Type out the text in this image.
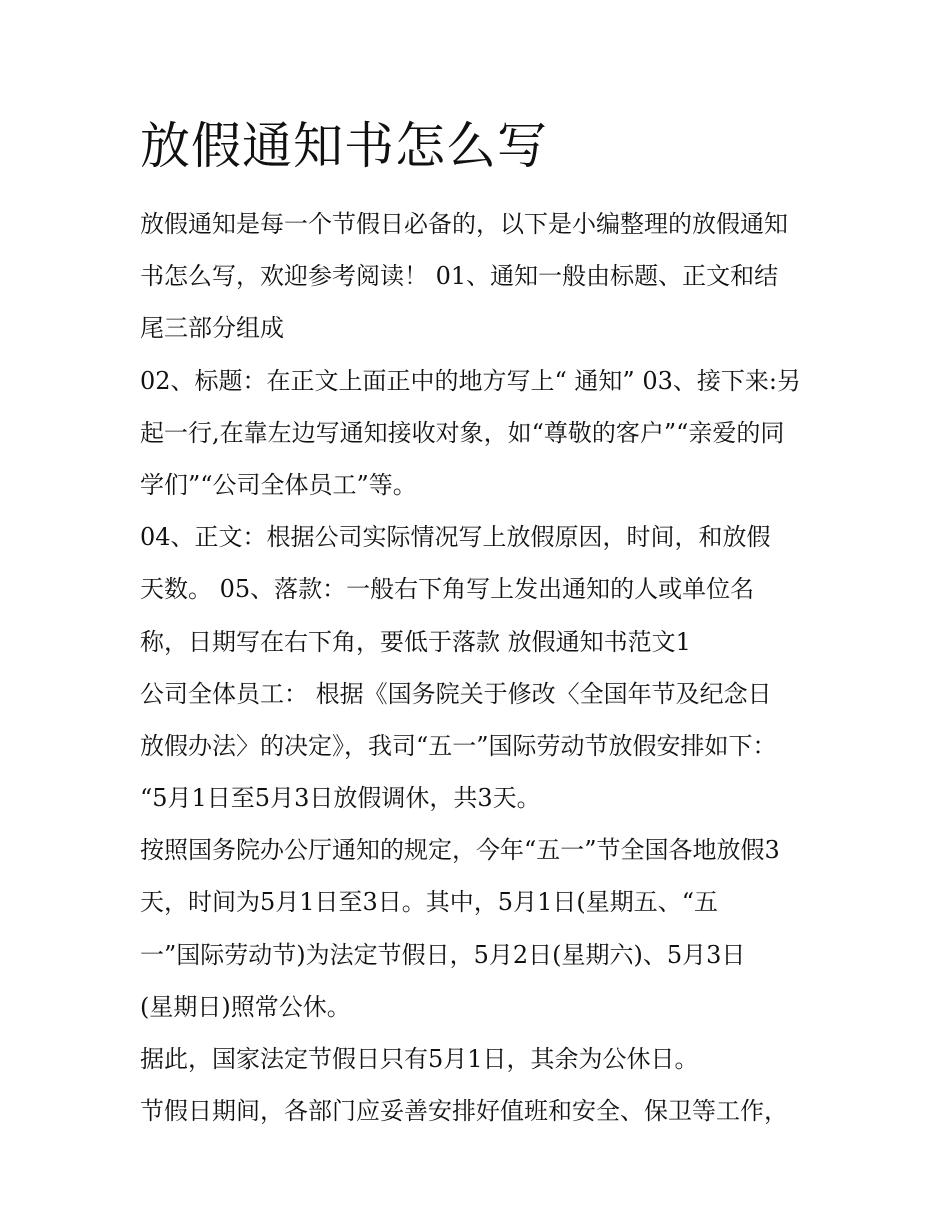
放假通知书怎么写
放假通知是每一个节假日必备的，以下是小编整理的放假通知
书怎么写，欢迎参考阅读！ 01、通知一般由标题、正文和结
尾三部分组成
02、标题：在正文上面正中的地方写上“ 通知” 03、接下来:另
起一行,在靠左边写通知接收对象，如“尊敬的客户”“亲爱的同
学们”“公司全体员工”等。
04、正文：根据公司实际情况写上放假原因，时间，和放假
天数。 05、落款：一般右下角写上发出通知的人或单位名
称，日期写在右下角，要低于落款 放假通知书范文1
公司全体员工： 根据《国务院关于修改〈全国年节及纪念日
放假办法〉的决定》，我司“五一”国际劳动节放假安排如下：
“5月1日至5月3日放假调休，共3天。
按照国务院办公厅通知的规定，今年“五一”节全国各地放假3
天，时间为5月1日至3日。其中，5月1日(星期五、“五
一”国际劳动节)为法定节假日，5月2日(星期六)、5月3日
(星期日)照常公休。
据此，国家法定节假日只有5月1日，其余为公休日。
节假日期间，各部门应妥善安排好值班和安全、保卫等工作，
